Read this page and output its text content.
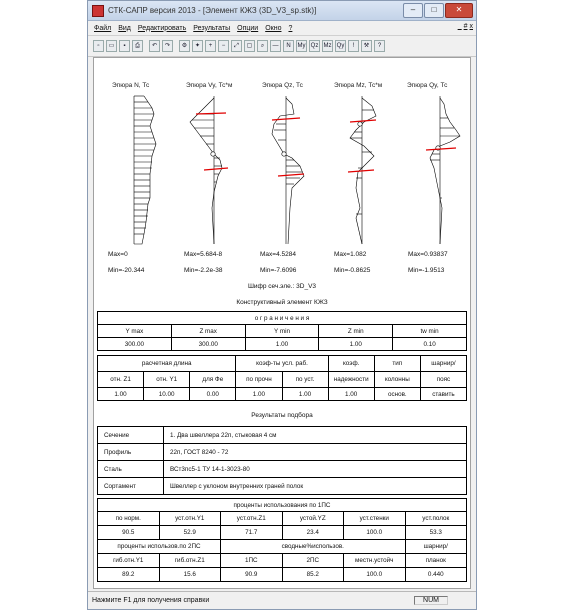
СТК-САПР версия 2013 - [Элемент КЖЗ (3D_V3_sp.stk)]	–	□	✕
Файл Вид Редактировать Результаты Опции Окно ?	_ # x
▫	▭	▪	⎙	↶	↷	⚙	✦	+	−	⤢	▢	⌕	—	N	My Qz Mz Qy	!	⚒	?
Эпюра N, Тс	Эпюра Vy, Тс*м	Эпюра Qz, Тс	Эпюра Mz, Тс*м	Эпюра Qy, Тс
Max=0	Max=5.684-8	Max=4.5284	Max=1.082	Max=0.93837
Min=-20.344	Min=-2.2e-38	Min=-7.6096	Min=-0.8625	Min=-1.9513
Шифр сеч.эле.: 3D_V3
Конструктивный элемент КЖЗ
о г р а н и ч е н и я				
Y max	Z max	Y min	Z min	tw min
300.00	300.00	1.00	1.00	0.10
расчетная длина			коэф-ты усл. раб.		коэф.	тип	шарнир/
отн. Z1	отн. Y1	для Фе	по прочн	по уст.	надежности	колонны	пояс
1.00	10.00	0.00	1.00	1.00	1.00	основ.	ставить
Результаты подбора
Сечение	1. Два швеллера 22п, стыковая 4 см
Профиль	22п, ГОСТ 8240 - 72
Сталь	ВСт3пс5-1 ТУ 14-1-3023-80
Сортамент	Швеллер с уклоном внутренних граней полок
проценты использования по 1ПС					
по норм.	уст.отн.Y1	уст.отн.Z1	устой.YZ	уст.стенки	уст.полок
90.5	52.9	71.7	23.4	100.0	53.3
проценты использов.по 2ПС		сводные%использов.			шарнир/
гиб.отн.Y1	гиб.отн.Z1	1ПС	2ПС	местн.устойч	планок
89.2	15.6	90.9	85.2	100.0	0.440
Нажмите F1 для получения справки	NUM
